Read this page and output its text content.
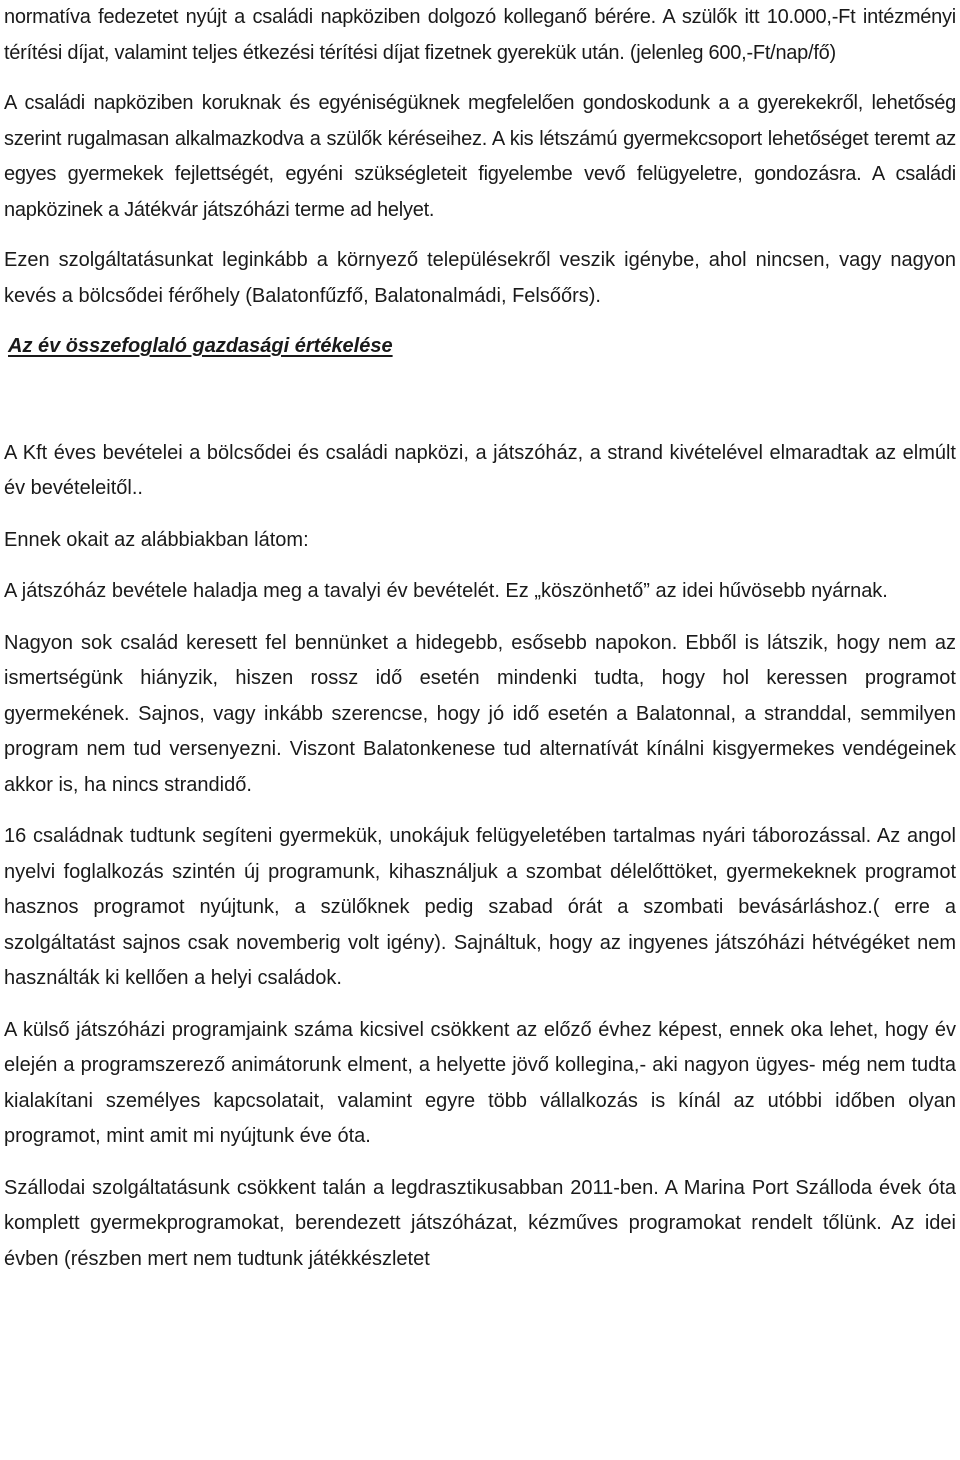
normatíva fedezetet nyújt a családi napköziben dolgozó kolleganő bérére. A szülők itt 10.000,-Ft intézményi térítési díjat, valamint teljes étkezési térítési díjat fizetnek gyerekük után. (jelenleg 600,-Ft/nap/fő)

A családi napköziben koruknak és egyéniségüknek megfelelően gondoskodunk a a gyerekekről, lehetőség szerint rugalmasan alkalmazkodva a szülők kéréseihez. A kis létszámú gyermekcsoport lehetőséget teremt az egyes gyermekek fejlettségét, egyéni szükségleteit figyelembe vevő felügyeletre, gondozásra. A családi napközinek a Játékvár játszóházi terme ad helyet.

Ezen szolgáltatásunkat leginkább a környező településekről veszik igénybe, ahol nincsen, vagy nagyon kevés a bölcsődei férőhely (Balatonfűzfő, Balatonalmádi, Felsőőrs).

Az év összefoglaló gazdasági értékelése

A Kft éves bevételei a bölcsődei és családi napközi, a játszóház, a strand kivételével elmaradtak az elmúlt év bevételeitől..

Ennek okait az alábbiakban látom:

A játszóház bevétele haladja meg a tavalyi év bevételét. Ez „köszönhető” az idei hűvösebb nyárnak.

Nagyon sok család keresett fel bennünket a hidegebb, esősebb napokon. Ebből is látszik, hogy nem az ismertségünk hiányzik, hiszen rossz idő esetén mindenki tudta, hogy hol keressen programot gyermekének. Sajnos, vagy inkább szerencse, hogy jó idő esetén a Balatonnal, a stranddal, semmilyen program nem tud versenyezni. Viszont Balatonkenese tud alternatívát kínálni kisgyermekes vendégeinek akkor is, ha nincs strandidő.

16 családnak tudtunk segíteni gyermekük, unokájuk felügyeletében tartalmas nyári táborozással. Az angol nyelvi foglalkozás szintén új programunk, kihasználjuk a szombat délelőttöket, gyermekeknek programot hasznos programot nyújtunk, a szülőknek pedig szabad órát a szombati bevásárláshoz.( erre a szolgáltatást sajnos csak novemberig volt igény). Sajnáltuk, hogy az ingyenes játszóházi hétvégéket nem használták ki kellően a helyi családok.

A külső játszóházi programjaink száma kicsivel csökkent az előző évhez képest, ennek oka lehet, hogy év elején a programszerező animátorunk elment, a helyette jövő kollegina,- aki nagyon ügyes- még nem tudta kialakítani személyes kapcsolatait, valamint egyre több vállalkozás is kínál az utóbbi időben olyan programot, mint amit mi nyújtunk éve óta.

Szállodai szolgáltatásunk csökkent talán a legdrasztikusabban 2011-ben. A Marina Port Szálloda évek óta komplett gyermekprogramokat, berendezett játszóházat, kézműves programokat rendelt tőlünk. Az idei évben (részben mert nem tudtunk játékkészletet
